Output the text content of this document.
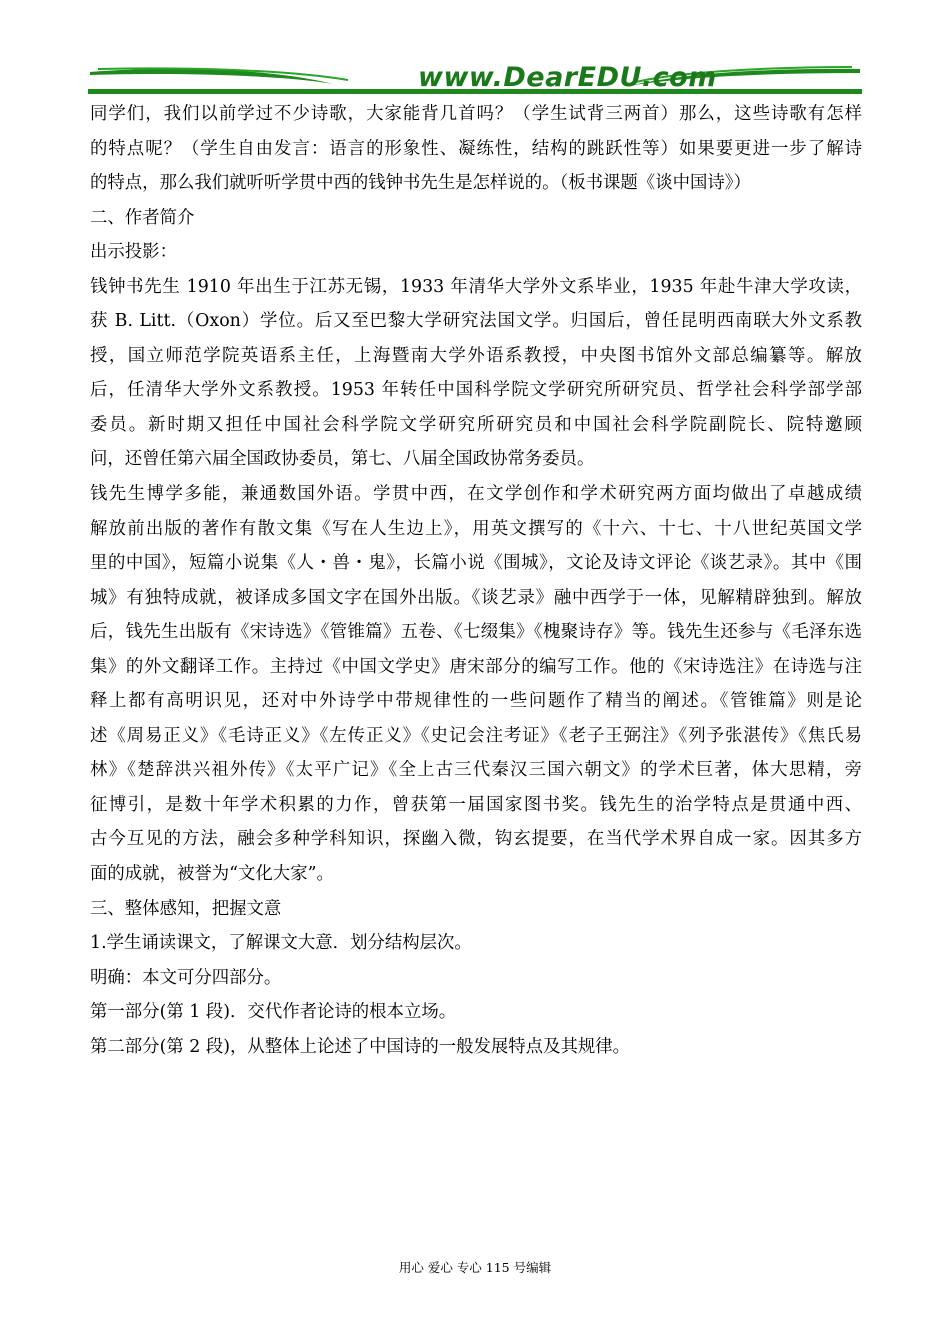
www.DearEDU.com
同学们，我们以前学过不少诗歌，大家能背几首吗？（学生试背三两首）那么，这些诗歌有怎样
的特点呢？（学生自由发言：语言的形象性、凝练性，结构的跳跃性等）如果要更进一步了解诗
的特点，那么我们就听听学贯中西的钱钟书先生是怎样说的。（板书课题《谈中国诗》）
二、作者简介
出示投影：
钱钟书先生 1910 年出生于江苏无锡，1933 年清华大学外文系毕业，1935 年赴牛津大学攻读，
获 B. Litt.（Oxon）学位。后又至巴黎大学研究法国文学。归国后，曾任昆明西南联大外文系教
授，国立师范学院英语系主任，上海暨南大学外语系教授，中央图书馆外文部总编纂等。解放
后，任清华大学外文系教授。1953 年转任中国科学院文学研究所研究员、哲学社会科学部学部
委员。新时期又担任中国社会科学院文学研究所研究员和中国社会科学院副院长、院特邀顾
问，还曾任第六届全国政协委员，第七、八届全国政协常务委员。
钱先生博学多能，兼通数国外语。学贯中西，在文学创作和学术研究两方面均做出了卓越成绩
解放前出版的著作有散文集《写在人生边上》，用英文撰写的《十六、十七、十八世纪英国文学
里的中国》，短篇小说集《人・兽・鬼》，长篇小说《围城》，文论及诗文评论《谈艺录》。其中《围
城》有独特成就，被译成多国文字在国外出版。《谈艺录》融中西学于一体，见解精辟独到。解放
后，钱先生出版有《宋诗选》《管锥篇》五卷、《七缀集》《槐聚诗存》等。钱先生还参与《毛泽东选
集》的外文翻译工作。主持过《中国文学史》唐宋部分的编写工作。他的《宋诗选注》在诗选与注
释上都有高明识见，还对中外诗学中带规律性的一些问题作了精当的阐述。《管锥篇》则是论
述《周易正义》《毛诗正义》《左传正义》《史记会注考证》《老子王弼注》《列予张湛传》《焦氏易
林》《楚辞洪兴祖外传》《太平广记》《全上古三代秦汉三国六朝文》的学术巨著，体大思精，旁
征博引，是数十年学术积累的力作，曾获第一届国家图书奖。钱先生的治学特点是贯通中西、
古今互见的方法，融会多种学科知识，探幽入微，钩玄提要，在当代学术界自成一家。因其多方
面的成就，被誉为“文化大家”。
三、整体感知，把握文意
1.学生诵读课文，了解课文大意．划分结构层次。
明确：本文可分四部分。
第一部分(第 1 段)．交代作者论诗的根本立场。
第二部分(第 2 段)，从整体上论述了中国诗的一般发展特点及其规律。
用心 爱心 专心 115 号编辑
